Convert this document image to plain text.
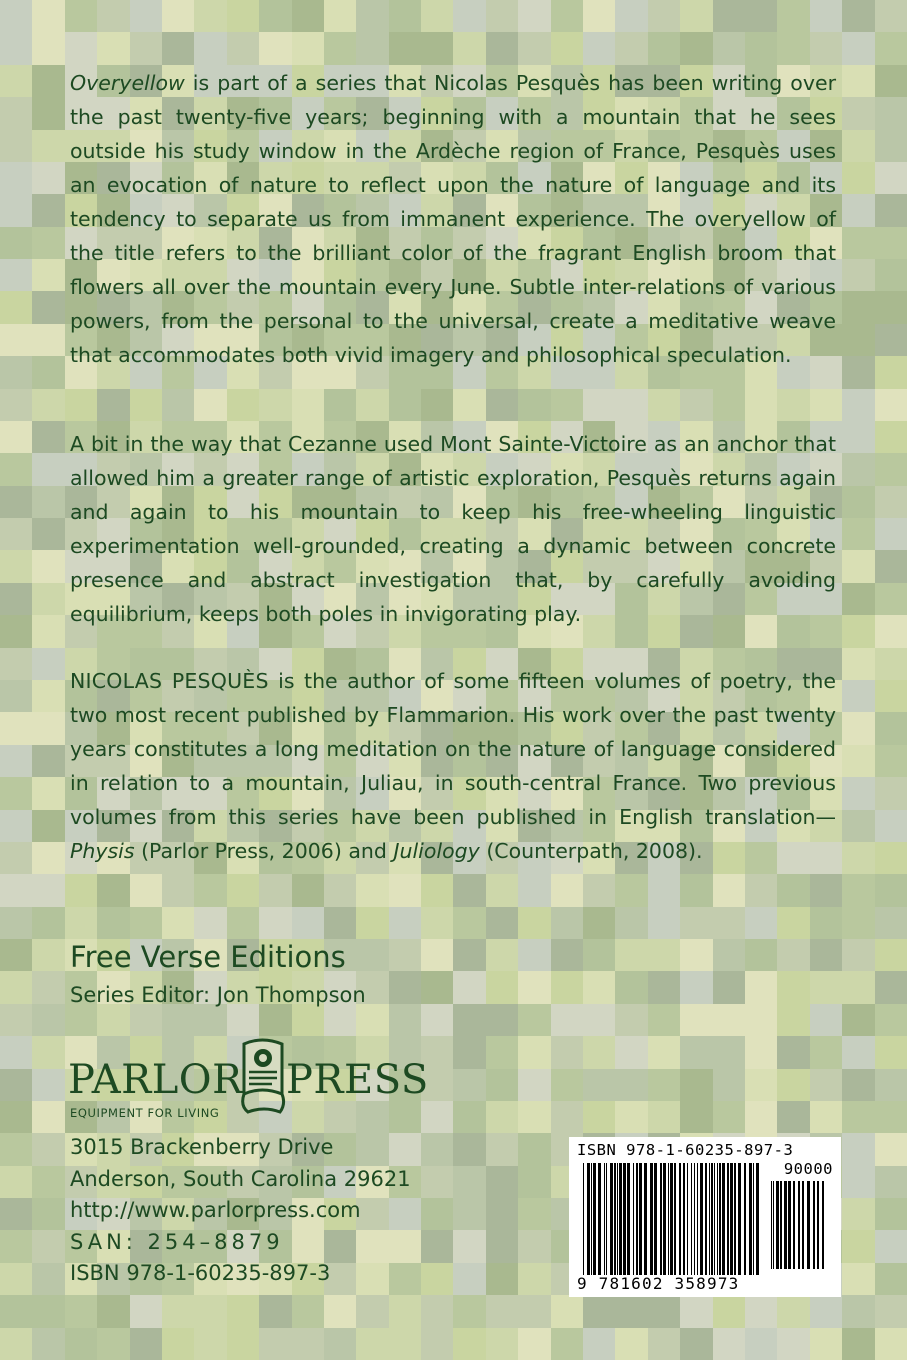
Overyellow is part of a series that Nicolas Pesquès has been writing over the past twenty-five years; beginning with a mountain that he sees outside his study window in the Ardèche region of France, Pesquès uses an evocation of nature to reflect upon the nature of language and its tendency to separate us from immanent experience. The overyellow of the title refers to the brilliant color of the fragrant English broom that flowers all over the mountain every June. Subtle inter-relations of various powers, from the personal to the universal, create a meditative weave that accommodates both vivid imagery and philosophical speculation.
A bit in the way that Cezanne used Mont Sainte-Victoire as an anchor that allowed him a greater range of artistic exploration, Pesquès returns again and again to his mountain to keep his free-wheeling linguistic experimentation well-grounded, creating a dynamic between concrete presence and abstract investigation that, by carefully avoiding equilibrium, keeps both poles in invigorating play.
NICOLAS PESQUÈS is the author of some fifteen volumes of poetry, the two most recent published by Flammarion. His work over the past twenty years constitutes a long meditation on the nature of language considered in relation to a mountain, Juliau, in south-central France. Two previous volumes from this series have been published in English translation—Physis (Parlor Press, 2006) and Juliology (Counterpath, 2008).
Free Verse Editions
Series Editor: Jon Thompson
PARLOR PRESS
EQUIPMENT FOR LIVING
3015 Brackenberry Drive
Anderson, South Carolina 29621
http://www.parlorpress.com
SAN: 254–8879
ISBN 978-1-60235-897-3
ISBN 978-1-60235-897-3
90000
9 781602 358973
